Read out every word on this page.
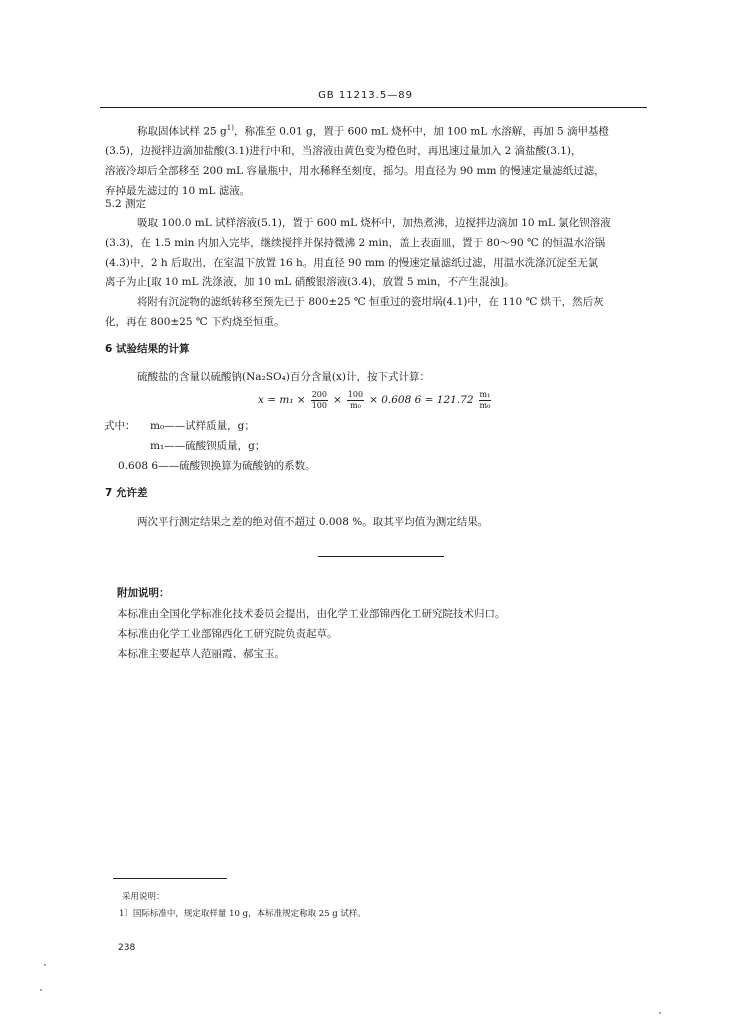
GB 11213.5—89
称取固体试样 25 $g^{1)}$，称准至 0.01 g，置于 600 mL 烧杯中，加 100 mL 水溶解，再加 5 滴甲基橙
(3.5)，边搅拌边滴加盐酸(3.1)进行中和，当溶液由黄色变为橙色时，再迅速过量加入 2 滴盐酸(3.1)，
溶液冷却后全部移至 200 mL 容量瓶中，用水稀释至刻度，摇匀。用直径为 90 mm 的慢速定量滤纸过滤，
弃掉最先滤过的 10 mL 滤液。
5.2 测定
吸取 100.0 mL 试样溶液(5.1)，置于 600 mL 烧杯中，加热煮沸，边搅拌边滴加 10 mL 氯化钡溶液
(3.3)，在 1.5 min 内加入完毕，继续搅拌并保持微沸 2 min，盖上表面皿，置于 80～90 ℃ 的恒温水浴锅
(4.3)中，2 h 后取出，在室温下放置 16 h。用直径 90 mm 的慢速定量滤纸过滤，用温水洗涤沉淀至无氯
离子为止[取 10 mL 洗涤液，加 10 mL 硝酸银溶液(3.4)，放置 5 min，不产生混浊]。
将附有沉淀物的滤纸转移至预先已于 800±25 ℃ 恒重过的瓷坩埚(4.1)中，在 110 ℃ 烘干，然后灰
化，再在 800±25 ℃ 下灼烧至恒重。
6 试验结果的计算
硫酸盐的含量以硫酸钠(Na₂SO₄)百分含量(x)计，按下式计算：
$x = m_1 \times \frac{200}{100} \times \frac{100}{\text{m₀}} \times 0.608$ $6 = 121.72 \frac{\text{m₁}}{\text{m₀}}$
式中： m₀——试样质量，g；
m₁——硫酸钡质量，g；
0.608 6——硫酸钡换算为硫酸钠的系数。
7 允许差
两次平行测定结果之差的绝对值不超过 0.008 %。取其平均值为测定结果。
附加说明：
本标准由全国化学标准化技术委员会提出，由化学工业部锦西化工研究院技术归口。
本标准由化学工业部锦西化工研究院负责起草。
本标准主要起草人范丽霞、郝宝玉。
采用说明：
1〕国际标准中，规定取样量 10 g，本标准规定称取 25 g 试样。
238
